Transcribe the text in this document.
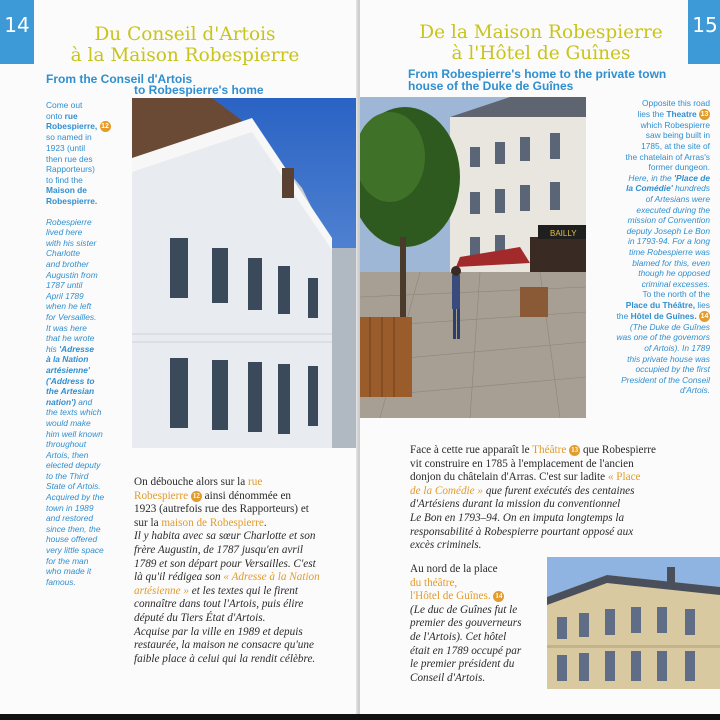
14	Du Conseil d'Artois
à la Maison Robespierre
From the Conseil d'Artois
to Robespierre's home
Come out
onto rue
Robespierre, 12
so named in
1923 (until
then rue des
Rapporteurs)
to find the
Maison de
Robespierre.
Robespierre
lived here
with his sister
Charlotte
and brother
Augustin from
1787 until
April 1789
when he left
for Versailles.
It was here
that he wrote
his 'Adresse
à la Nation
artésienne'
('Address to
the Artesian
nation') and
the texts which
would make
him well known
throughout
Artois, then
elected deputy
to the Third
State of Artois.
Acquired by the
town in 1989
and restored
since then, the
house offered
very little space
for the man
who made it
famous.
On débouche alors sur la rue
Robespierre 12 ainsi dénommée en
1923 (autrefois rue des Rapporteurs) et
sur la maison de Robespierre.
Il y habita avec sa sœur Charlotte et son
frère Augustin, de 1787 jusqu'en avril
1789 et son départ pour Versailles. C'est
là qu'il rédigea son « Adresse à la Nation
artésienne » et les textes qui le firent
connaître dans tout l'Artois, puis élire
député du Tiers État d'Artois.
Acquise par la ville en 1989 et depuis
restaurée, la maison ne consacre qu'une
faible place à celui qui la rendit célèbre.
15
De la Maison Robespierre
à l'Hôtel de Guînes
From Robespierre's home to the private town
house of the Duke de Guînes
BAILLY
Opposite this road
lies the Theatre 13
which Robespierre
saw being built in
1785, at the site of
the chatelain of Arras's
former dungeon.
Here, in the 'Place de
la Comédie' hundreds
of Artesians were
executed during the
mission of Convention
deputy Joseph Le Bon
in 1793-94. For a long
time Robespierre was
blamed for this, even
though he opposed
criminal excesses.
To the north of the
Place du Théâtre, lies
the Hôtel de Guînes. 14
(The Duke de Guînes
was one of the govemors
of Artois). In 1789
this private house was
occupied by the first
President of the Conseil
d'Artois.
Face à cette rue apparaît le Théâtre 13 que Robespierre
vit construire en 1785 à l'emplacement de l'ancien
donjon du châtelain d'Arras. C'est sur ladite « Place
de la Comédie » que furent exécutés des centaines
d'Artésiens durant la mission du conventionnel
Le Bon en 1793–94. On en imputa longtemps la
responsabilité à Robespierre pourtant opposé aux
excès criminels.
Au nord de la place
du théâtre,
l'Hôtel de Guînes. 14
(Le duc de Guînes fut le
premier des gouverneurs
de l'Artois). Cet hôtel
était en 1789 occupé par
le premier président du
Conseil d'Artois.
